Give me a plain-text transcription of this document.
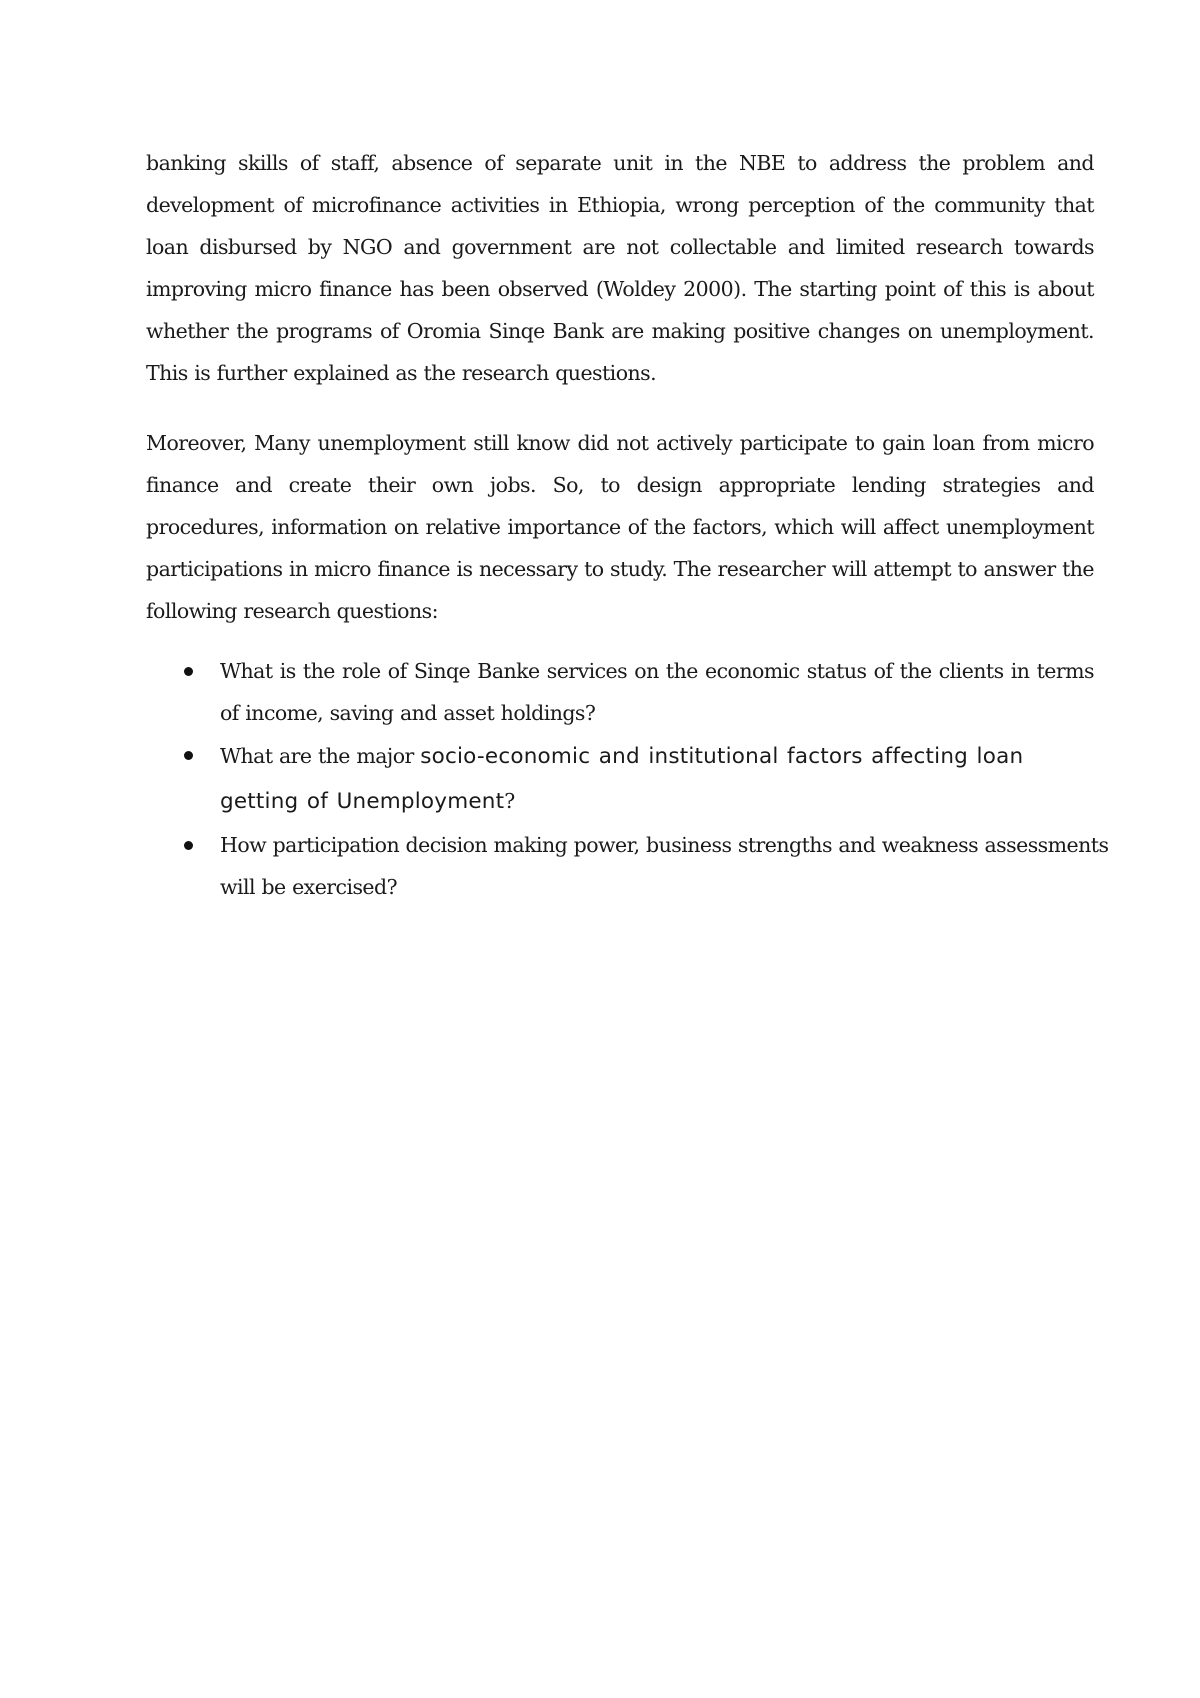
banking skills of staff, absence of separate unit in the NBE to address the problem and development of microfinance activities in Ethiopia, wrong perception of the community that loan disbursed by NGO and government are not collectable and limited research towards improving micro finance has been observed (Woldey 2000). The starting point of this is about whether the programs of Oromia Sinqe Bank are making positive changes on unemployment. This is further explained as the research questions.

Moreover, Many unemployment still know did not actively participate to gain loan from micro finance and create their own jobs. So, to design appropriate lending strategies and procedures, information on relative importance of the factors, which will affect unemployment participations in micro finance is necessary to study. The researcher will attempt to answer the following research questions:

What is the role of Sinqe Banke services on the economic status of the clients in terms of income, saving and asset holdings?
What are the major socio-economic and institutional factors affecting loan getting of Unemployment?
How participation decision making power, business strengths and weakness assessments will be exercised?
